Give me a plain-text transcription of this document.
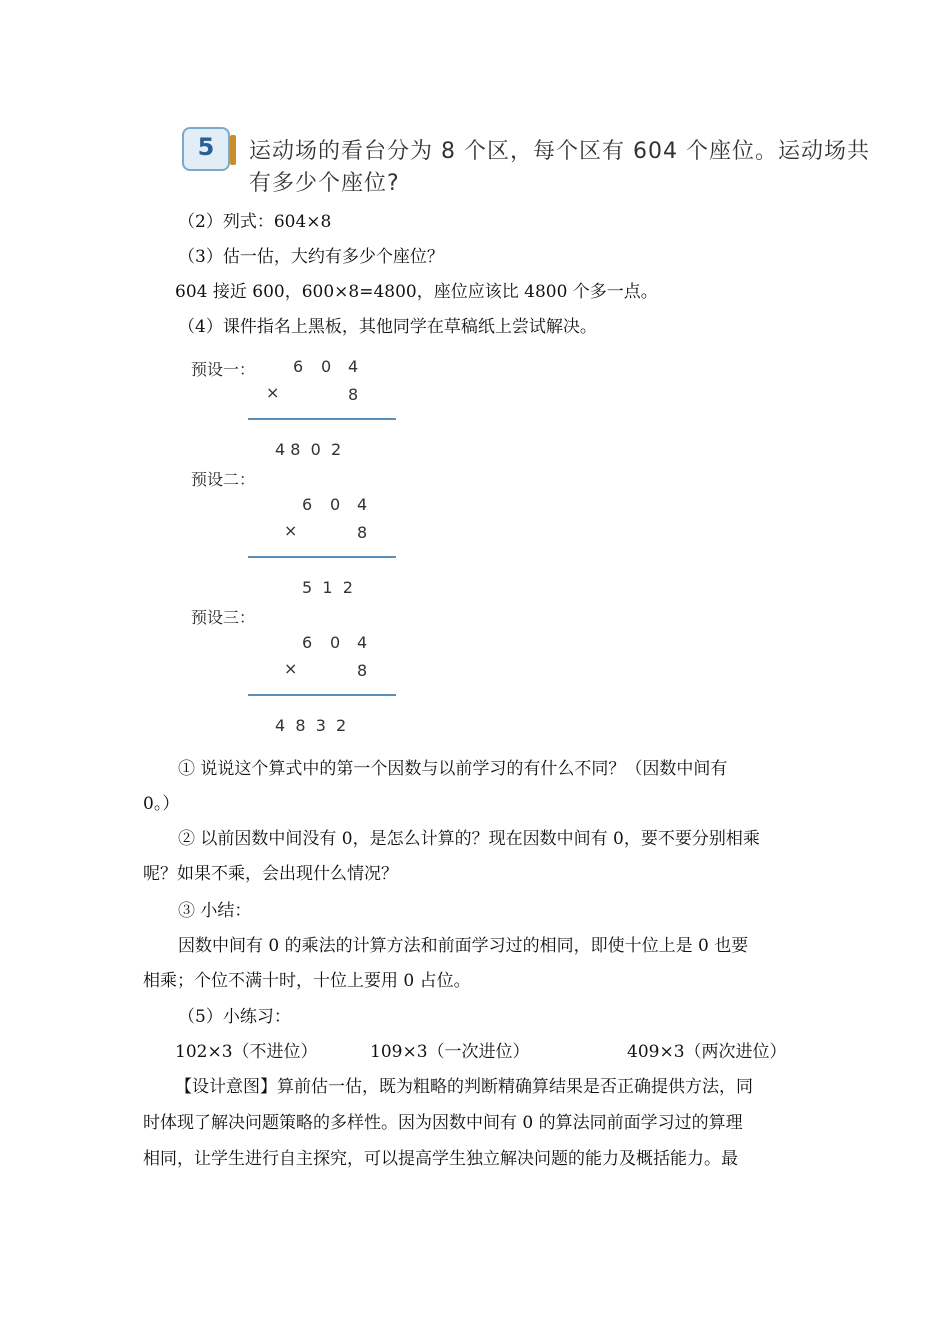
5	运动场的看台分为 8 个区，每个区有 604 个座位。运动场共
有多少个座位?
（2）列式：604×8
（3）估一估，大约有多少个座位？
604 接近 600，600×8=4800，座位应该比 4800 个多一点。
（4）课件指名上黑板，其他同学在草稿纸上尝试解决。
预设一： 6 0 4
×	8
4 8  0  2
预设二：
6 0 4
×	8
5  1  2
预设三：
6 0 4
×	8
4  8  3  2
① 说说这个算式中的第一个因数与以前学习的有什么不同？（因数中间有
0。）
② 以前因数中间没有 0，是怎么计算的？现在因数中间有 0，要不要分别相乘
呢？如果不乘，会出现什么情况？
③ 小结：
因数中间有 0 的乘法的计算方法和前面学习过的相同，即使十位上是 0 也要
相乘；个位不满十时，十位上要用 0 占位。
（5）小练习：
102×3（不进位）	109×3（一次进位）	409×3（两次进位）
【设计意图】算前估一估，既为粗略的判断精确算结果是否正确提供方法，同
时体现了解决问题策略的多样性。因为因数中间有 0 的算法同前面学习过的算理
相同，让学生进行自主探究，可以提高学生独立解决问题的能力及概括能力。最
